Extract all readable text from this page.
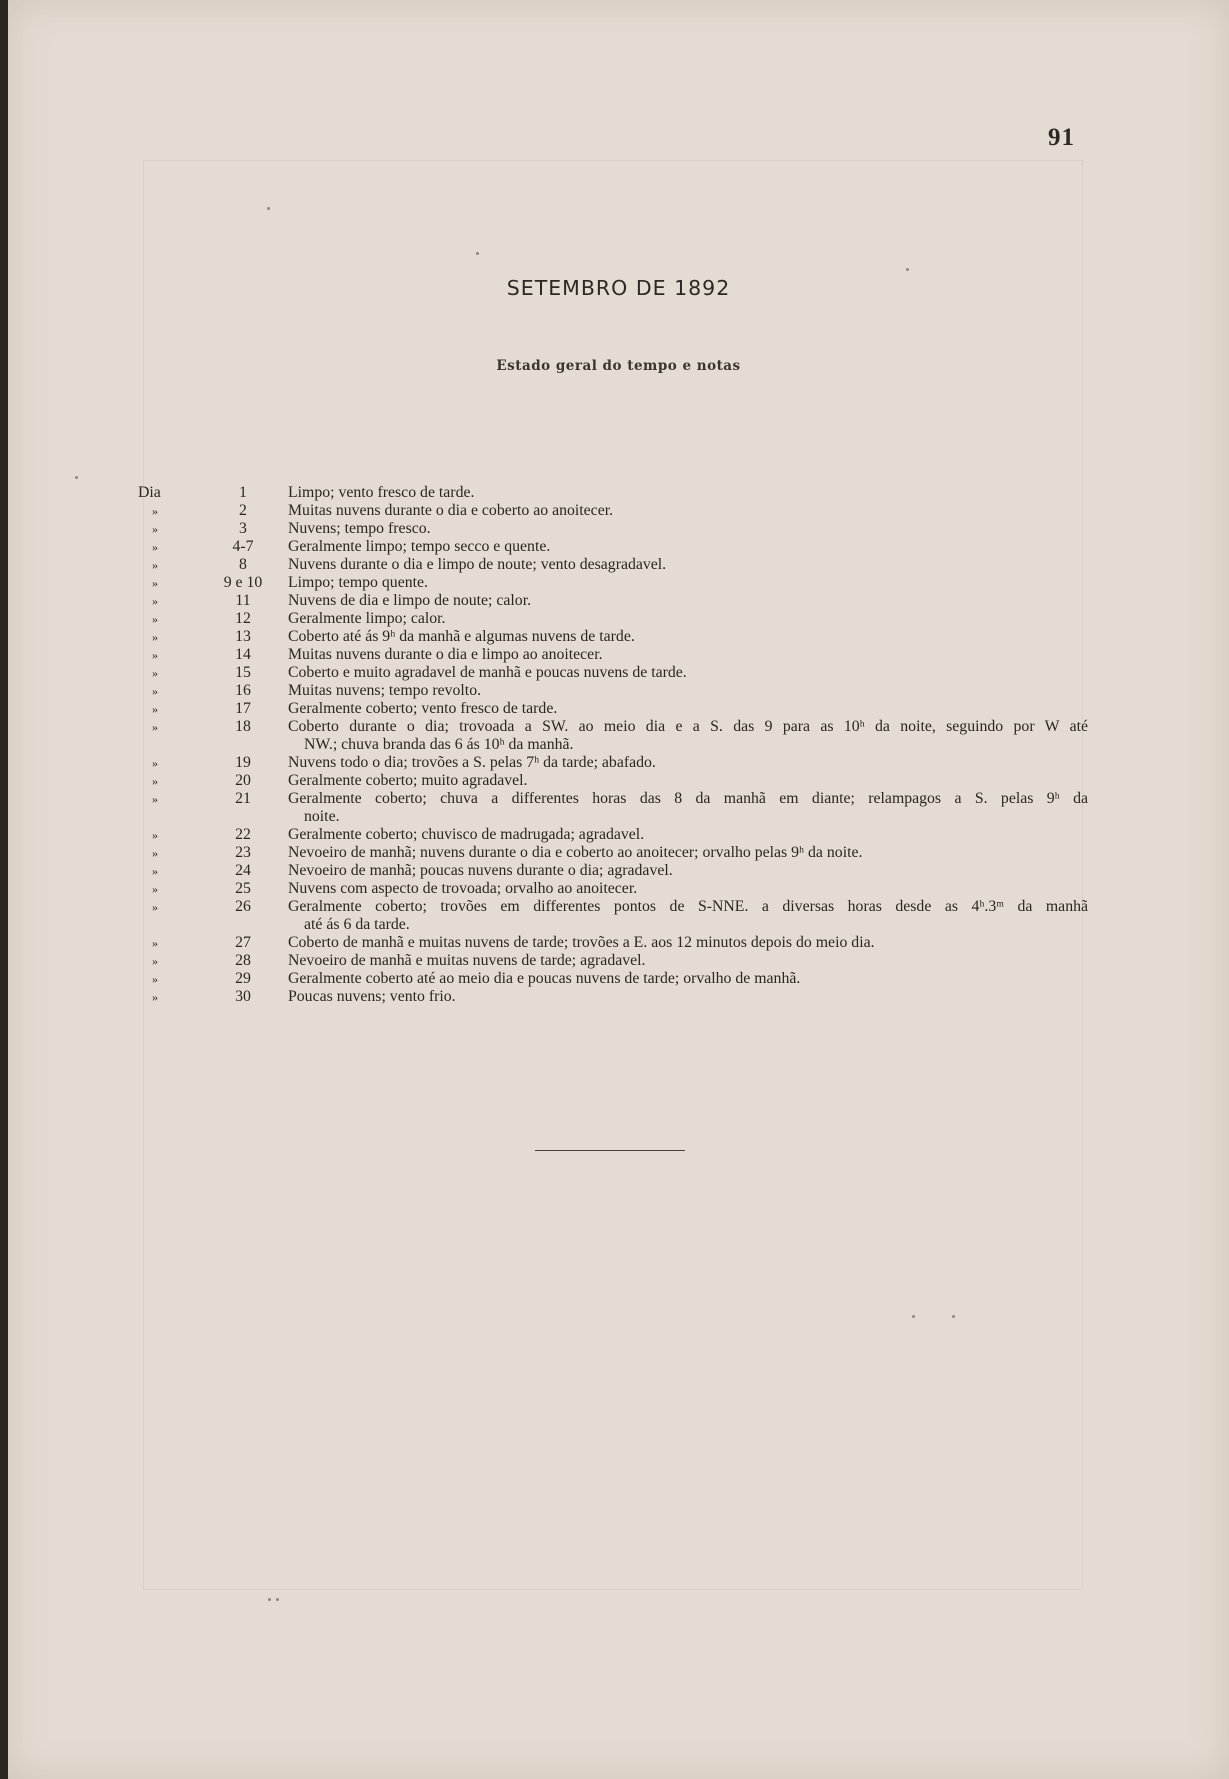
91
SETEMBRO DE 1892
Estado geral do tempo e notas
Dia	1	Limpo; vento fresco de tarde.
»	2	Muitas nuvens durante o dia e coberto ao anoitecer.
»	3	Nuvens; tempo fresco.
»	4-7	Geralmente limpo; tempo secco e quente.
»	8	Nuvens durante o dia e limpo de noute; vento desagradavel.
»	9 e 10	Limpo; tempo quente.
»	11	Nuvens de dia e limpo de noute; calor.
»	12	Geralmente limpo; calor.
»	13	Coberto até ás 9ʰ da manhã e algumas nuvens de tarde.
»	14	Muitas nuvens durante o dia e limpo ao anoitecer.
»	15	Coberto e muito agradavel de manhã e poucas nuvens de tarde.
»	16	Muitas nuvens; tempo revolto.
»	17	Geralmente coberto; vento fresco de tarde.
»	18	Coberto durante o dia; trovoada a SW. ao meio dia e a S. das 9 para as 10ʰ da noite, seguindo por W até
NW.; chuva branda das 6 ás 10ʰ da manhã.
»	19	Nuvens todo o dia; trovões a S. pelas 7ʰ da tarde; abafado.
»	20	Geralmente coberto; muito agradavel.
»	21	Geralmente coberto; chuva a differentes horas das 8 da manhã em diante; relampagos a S. pelas 9ʰ da
noite.
»	22	Geralmente coberto; chuvisco de madrugada; agradavel.
»	23	Nevoeiro de manhã; nuvens durante o dia e coberto ao anoitecer; orvalho pelas 9ʰ da noite.
»	24	Nevoeiro de manhã; poucas nuvens durante o dia; agradavel.
»	25	Nuvens com aspecto de trovoada; orvalho ao anoitecer.
»	26	Geralmente coberto; trovões em differentes pontos de S-NNE. a diversas horas desde as 4ʰ.3ᵐ da manhã
até ás 6 da tarde.
»	27	Coberto de manhã e muitas nuvens de tarde; trovões a E. aos 12 minutos depois do meio dia.
»	28	Nevoeiro de manhã e muitas nuvens de tarde; agradavel.
»	29	Geralmente coberto até ao meio dia e poucas nuvens de tarde; orvalho de manhã.
»	30	Poucas nuvens; vento frio.
